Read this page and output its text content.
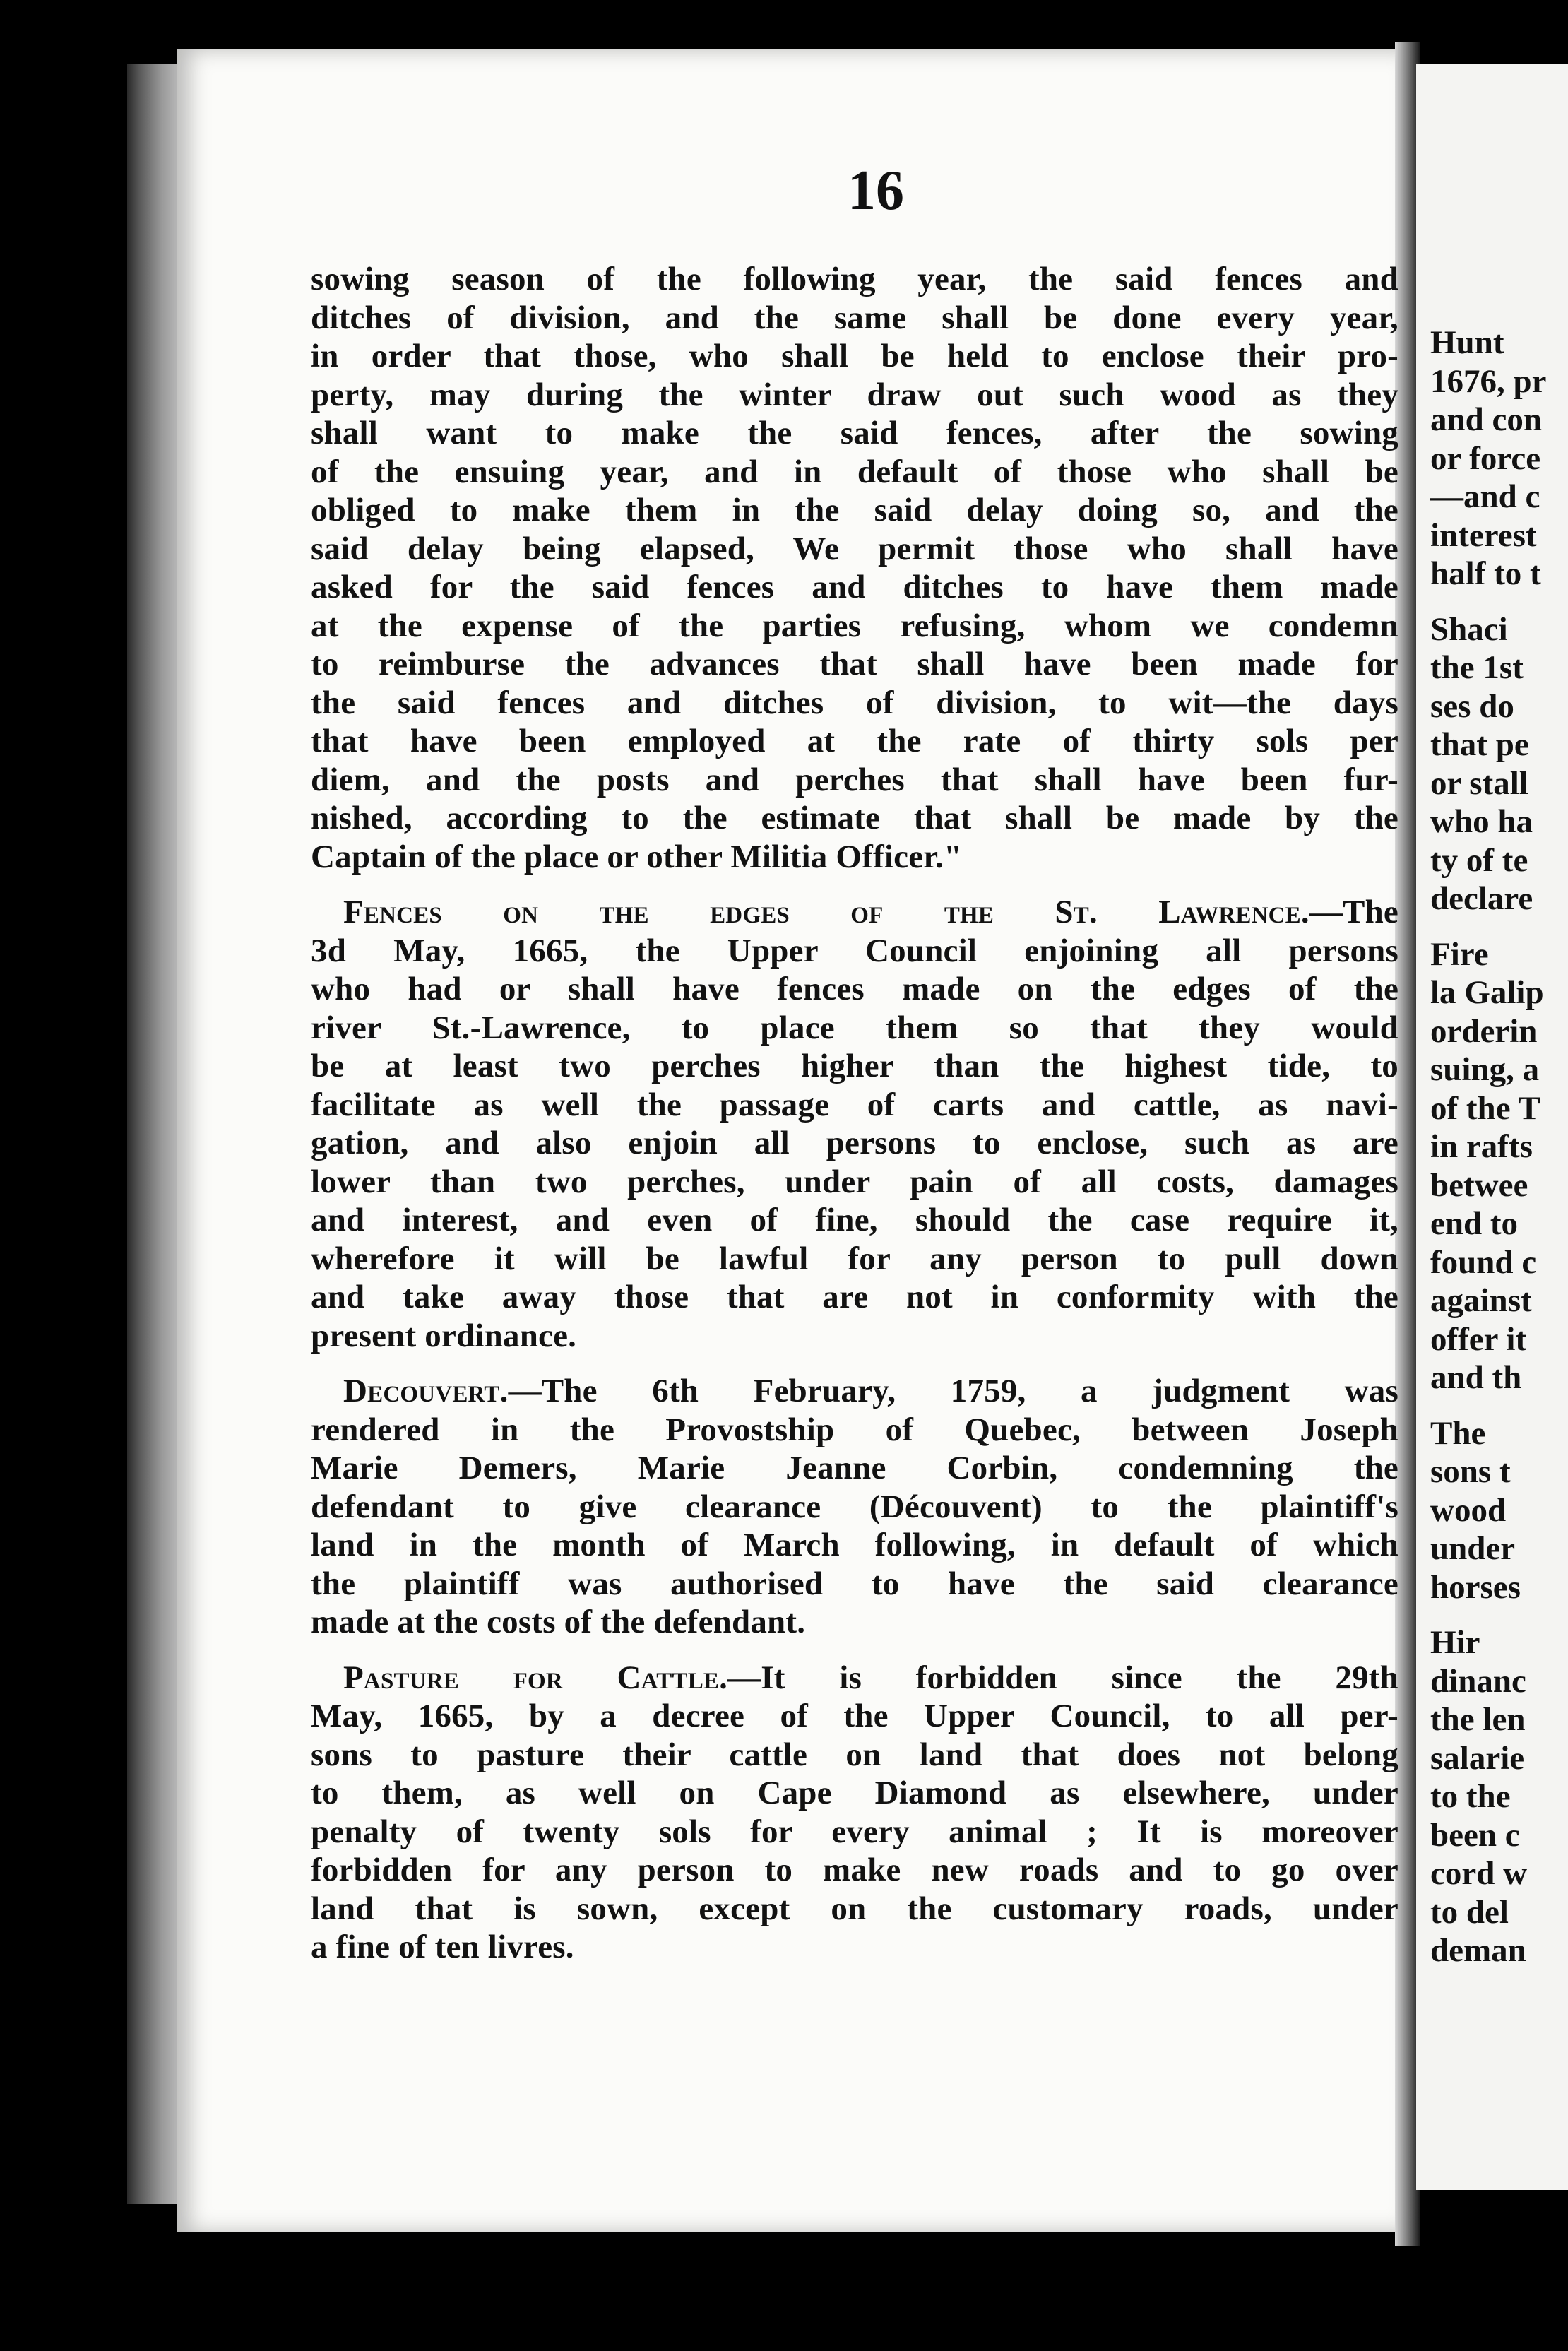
Hunt
1676, pr
and con
or force
—and c
interest
half to t
Shaci
the 1st
ses do
that pe
or stall
who ha
ty of te
declare
Fire
la Galip
orderin
suing, a
of the T
in rafts
betwee
end to
found c
against
offer it
and th
The
sons t
wood
under
horses
Hir
dinanc
the len
salarie
to the
been c
cord w
to del
deman
16
sowing season of the following year, the said fences and
ditches of division, and the same shall be done every year,
in order that those, who shall be held to enclose their pro-
perty, may during the winter draw out such wood as they
shall want to make the said fences, after the sowing
of the ensuing year, and in default of those who shall be
obliged to make them in the said delay doing so, and the
said delay being elapsed, We permit those who shall have
asked for the said fences and ditches to have them made
at the expense of the parties refusing, whom we condemn
to reimburse the advances that shall have been made for
the said fences and ditches of division, to wit—the days
that have been employed at the rate of thirty sols per
diem, and the posts and perches that shall have been fur-
nished, according to the estimate that shall be made by the
Captain of the place or other Militia Officer."
Fences on the edges of the St. Lawrence.—The
3d May, 1665, the Upper Council enjoining all persons
who had or shall have fences made on the edges of the
river St.-Lawrence, to place them so that they would
be at least two perches higher than the highest tide, to
facilitate as well the passage of carts and cattle, as navi-
gation, and also enjoin all persons to enclose, such as are
lower than two perches, under pain of all costs, damages
and interest, and even of fine, should the case require it,
wherefore it will be lawful for any person to pull down
and take away those that are not in conformity with the
present ordinance.
Decouvert.—The 6th February, 1759, a judgment was
rendered in the Provostship of Quebec, between Joseph
Marie Demers, Marie Jeanne Corbin, condemning the
defendant to give clearance (Découvent) to the plaintiff's
land in the month of March following, in default of which
the plaintiff was authorised to have the said clearance
made at the costs of the defendant.
Pasture for Cattle.—It is forbidden since the 29th
May, 1665, by a decree of the Upper Council, to all per-
sons to pasture their cattle on land that does not belong
to them, as well on Cape Diamond as elsewhere, under
penalty of twenty sols for every animal ; It is moreover
forbidden for any person to make new roads and to go over
land that is sown, except on the customary roads, under
a fine of ten livres.
